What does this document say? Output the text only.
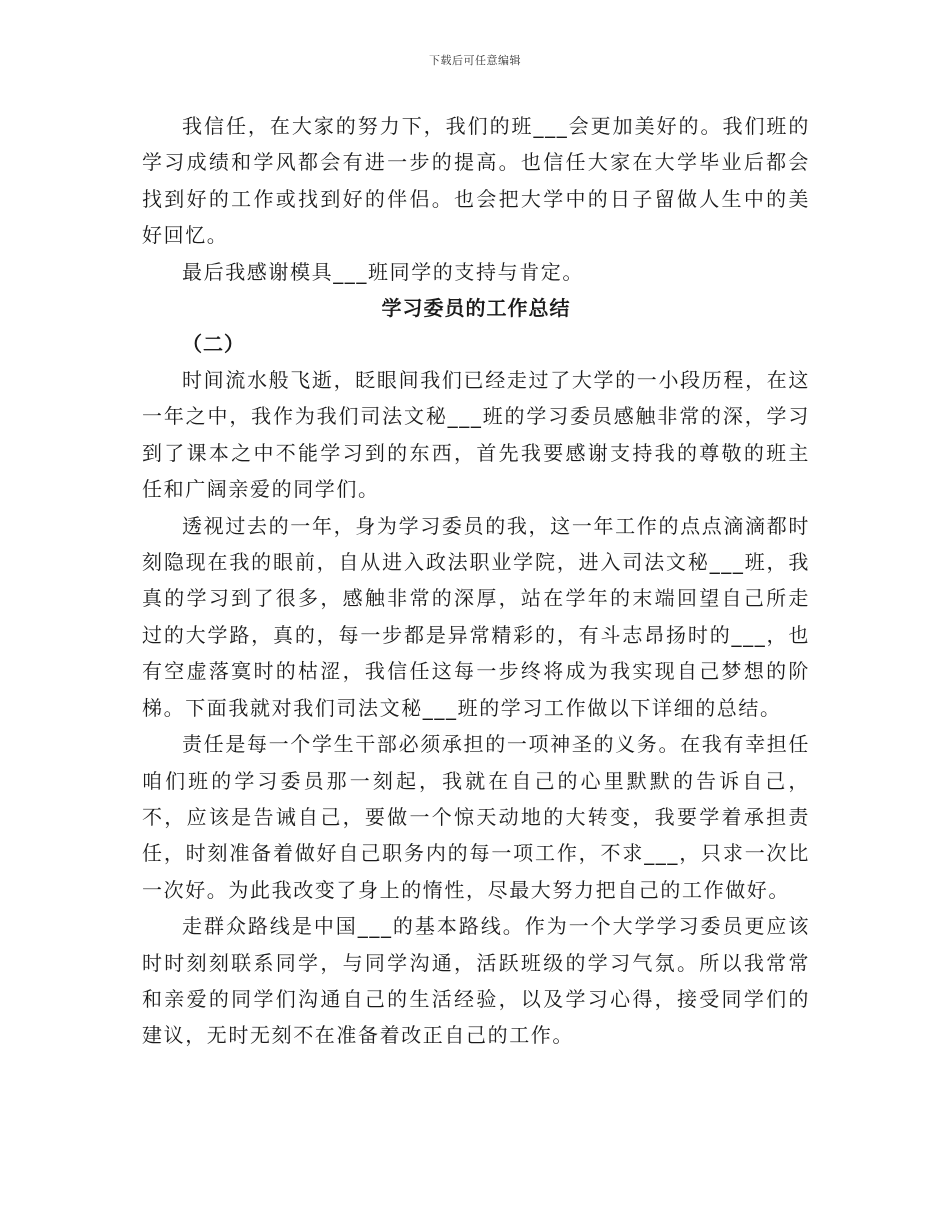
下载后可任意编辑

我信任，在大家的努力下，我们的班___会更加美好的。我们班的学习成绩和学风都会有进一步的提高。也信任大家在大学毕业后都会找到好的工作或找到好的伴侣。也会把大学中的日子留做人生中的美好回忆。

最后我感谢模具___班同学的支持与肯定。

学习委员的工作总结

（二）

时间流水般飞逝，眨眼间我们已经走过了大学的一小段历程，在这一年之中，我作为我们司法文秘___班的学习委员感触非常的深，学习到了课本之中不能学习到的东西，首先我要感谢支持我的尊敬的班主任和广阔亲爱的同学们。

透视过去的一年，身为学习委员的我，这一年工作的点点滴滴都时刻隐现在我的眼前，自从进入政法职业学院，进入司法文秘___班，我真的学习到了很多，感触非常的深厚，站在学年的末端回望自己所走过的大学路，真的，每一步都是异常精彩的，有斗志昂扬时的___，也有空虚落寞时的枯涩，我信任这每一步终将成为我实现自己梦想的阶梯。下面我就对我们司法文秘___班的学习工作做以下详细的总结。

责任是每一个学生干部必须承担的一项神圣的义务。在我有幸担任咱们班的学习委员那一刻起，我就在自己的心里默默的告诉自己，不，应该是告诫自己，要做一个惊天动地的大转变，我要学着承担责任，时刻准备着做好自己职务内的每一项工作，不求___，只求一次比一次好。为此我改变了身上的惰性，尽最大努力把自己的工作做好。

走群众路线是中国___的基本路线。作为一个大学学习委员更应该时时刻刻联系同学，与同学沟通，活跃班级的学习气氛。所以我常常和亲爱的同学们沟通自己的生活经验，以及学习心得，接受同学们的建议，无时无刻不在准备着改正自己的工作。
